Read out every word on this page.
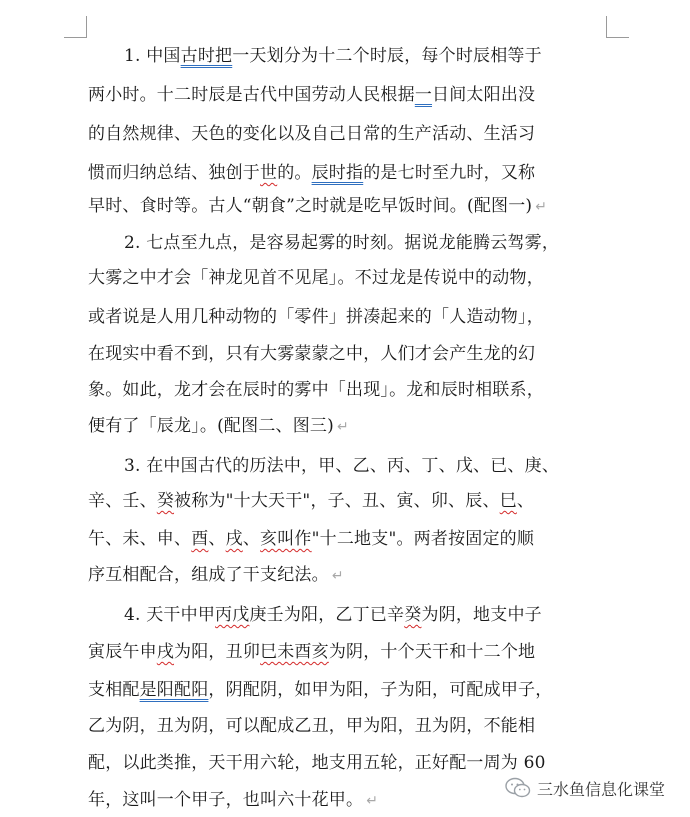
1. 中国古时把一天划分为十二个时辰，每个时辰相等于
两小时。十二时辰是古代中国劳动人民根据一日间太阳出没
的自然规律、天色的变化以及自己日常的生产活动、生活习
惯而归纳总结、独创于世的。辰时指的是七时至九时，又称
早时、食时等。古人“朝食”之时就是吃早饭时间。(配图一) ↵
2. 七点至九点，是容易起雾的时刻。据说龙能腾云驾雾，
大雾之中才会「神龙见首不见尾」。不过龙是传说中的动物，
或者说是人用几种动物的「零件」拼凑起来的「人造动物」，
在现实中看不到，只有大雾蒙蒙之中，人们才会产生龙的幻
象。如此，龙才会在辰时的雾中「出现」。龙和辰时相联系，
便有了「辰龙」。(配图二、图三) ↵
3. 在中国古代的历法中，甲、乙、丙、丁、戊、已、庚、
辛、壬、癸被称为"十大天干"，子、丑、寅、卯、辰、巳、
午、未、申、酉、戌、亥叫作"十二地支"。两者按固定的顺
序互相配合，组成了干支纪法。 ↵
4. 天干中甲丙戊庚壬为阳，乙丁已辛癸为阴，地支中子
寅辰午申戌为阳，丑卯巳未酉亥为阴，十个天干和十二个地
支相配是阳配阳，阴配阴，如甲为阳，子为阳，可配成甲子，
乙为阴，丑为阴，可以配成乙丑，甲为阳，丑为阴，不能相
配，以此类推，天干用六轮，地支用五轮，正好配一周为 60
年，这叫一个甲子，也叫六十花甲。 ↵
三水鱼信息化课堂
